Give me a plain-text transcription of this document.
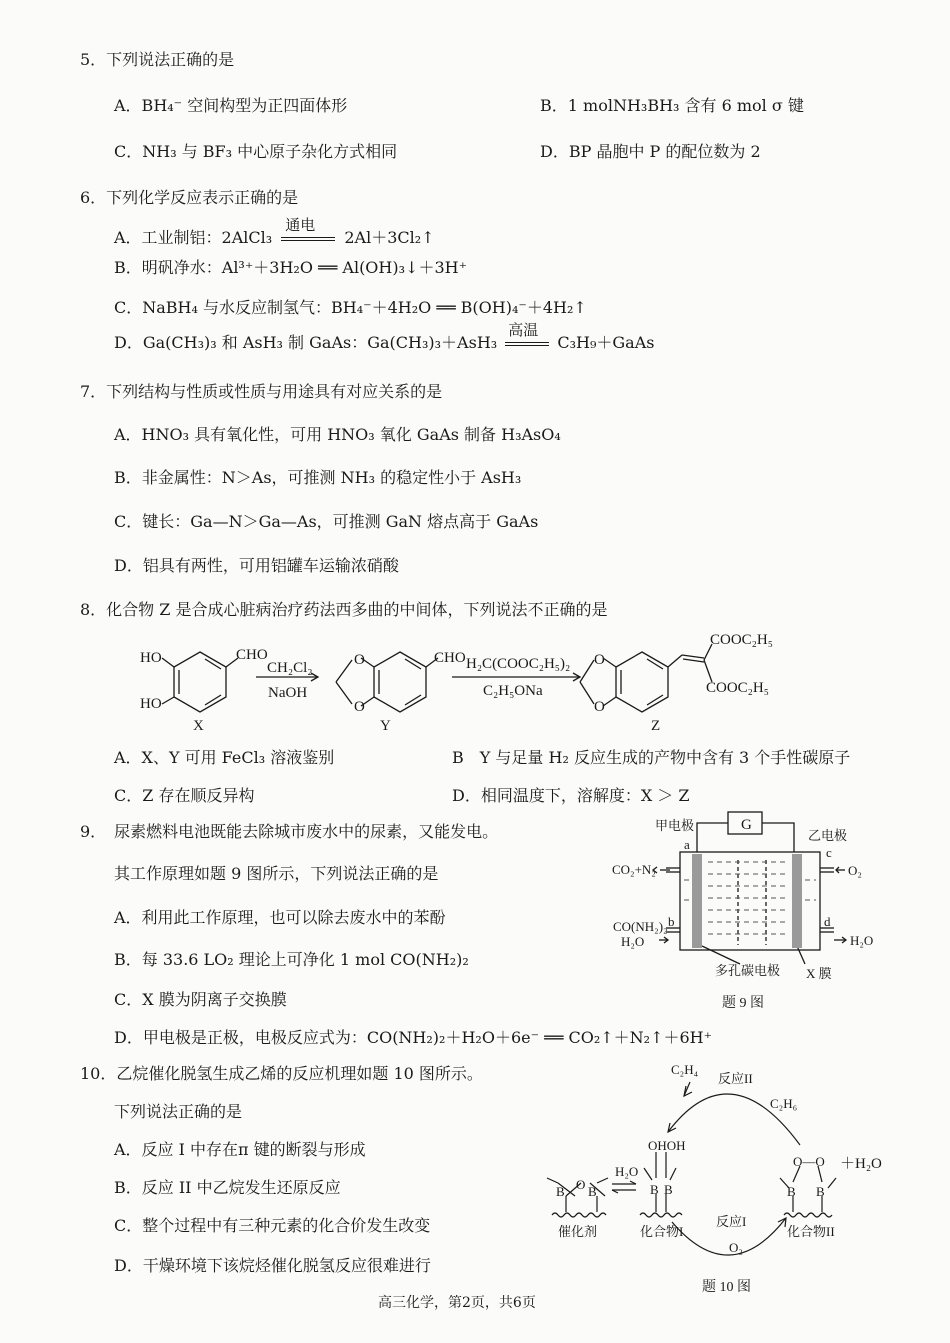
5．下列说法正确的是
A．BH₄⁻ 空间构型为正四面体形	B．1 molNH₃BH₃ 含有 6 mol σ 键
C．NH₃ 与 BF₃ 中心原子杂化方式相同	D．BP 晶胞中 P 的配位数为 2
6．下列化学反应表示正确的是
A．工业制铝：2AlCl₃
通电
2Al＋3Cl₂↑
B．明矾净水：Al³⁺＋3H₂O ══ Al(OH)₃↓＋3H⁺
C．NaBH₄ 与水反应制氢气：BH₄⁻＋4H₂O ══ B(OH)₄⁻＋4H₂↑
D．Ga(CH₃)₃ 和 AsH₃ 制 GaAs：Ga(CH₃)₃＋AsH₃
高温
C₃H₉＋GaAs
7．下列结构与性质或性质与用途具有对应关系的是
A．HNO₃ 具有氧化性，可用 HNO₃ 氧化 GaAs 制备 H₃AsO₄
B．非金属性：N＞As，可推测 NH₃ 的稳定性小于 AsH₃
C．键长：Ga—N＞Ga—As，可推测 GaN 熔点高于 GaAs
D．铝具有两性，可用铝罐车运输浓硝酸
8．化合物 Z 是合成心脏病治疗药法西多曲的中间体，下列说法不正确的是
HO
HO
CHO
CH₂Cl₂
NaOH
O
O
CHO H₂C(COOC₂H₅)₂
C₂H₅ONa
O
O
COOC₂H₅
COOC₂H₅
X	Y	Z
A．X、Y 可用 FeCl₃ 溶液鉴别	B　Y 与足量 H₂ 反应生成的产物中含有 3 个手性碳原子
C．Z 存在顺反异构	D．相同温度下，溶解度：X ＞ Z
9．　尿素燃料电池既能去除城市废水中的尿素，又能发电。
其工作原理如题 9 图所示，下列说法正确的是
A．利用此工作原理，也可以除去废水中的苯酚
B．每 33.6 LO₂ 理论上可净化 1 mol CO(NH₂)₂
C．X 膜为阴离子交换膜
D．甲电极是正极，电极反应式为：CO(NH₂)₂＋H₂O＋6e⁻ ══ CO₂↑＋N₂↑＋6H⁺
G
甲电极
乙电极
CO₂+N₂
CO(NH₂)₂
H₂O
O₂
H₂O
a
b
c
d
多孔碳电极 X 膜
题 9 图
10．乙烷催化脱氢生成乙烯的反应机理如题 10 图所示。
下列说法正确的是
A．反应 I 中存在π 键的断裂与形成
B．反应 II 中乙烷发生还原反应
C．整个过程中有三种元素的化合价发生改变
D．干燥环境下该烷烃催化脱氢反应很难进行
C₂H₄
反应II
C₂H₆
OHOH
O—O ＋H₂O
O
B B
H₂O
B B	B B
反应I
O₂
催化剂	化合物I	化合物II
题 10 图
高三化学，第2页，共6页
